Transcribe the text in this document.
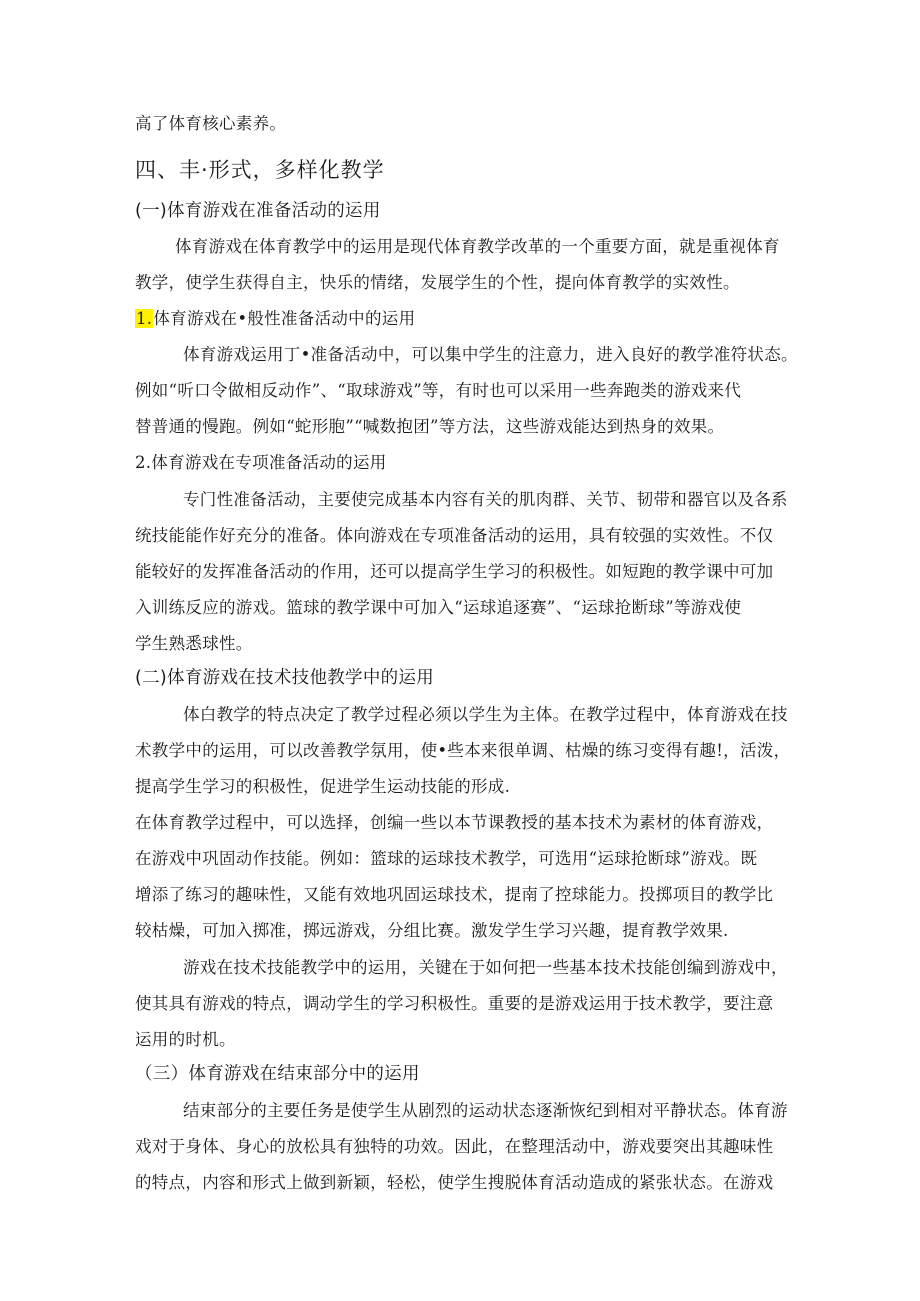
高了体育核心素养。
四、丰·形式，多样化教学
(一)体育游戏在准备活动的运用
体育游戏在体育教学中的运用是现代体育教学改革的一个重要方面，就是重视体育
教学，使学生获得自主，快乐的情绪，发展学生的个性，提向体育教学的实效性。
1.体育游戏在•般性准备活动中的运用
体育游戏运用丁•准备活动中，可以集中学生的注意力，进入良好的教学准符状态。
例如“听口令做相反动作”、“取球游戏”等，有时也可以采用一些奔跑类的游戏来代
替普通的慢跑。例如“蛇形胞”“喊数抱团”等方法，这些游戏能达到热身的效果。
2.体育游戏在专项准备活动的运用
专门性准备活动，主要使完成基本内容有关的肌肉群、关节、韧带和器官以及各系
统技能能作好充分的准备。体向游戏在专项准备活动的运用，具有较强的实效性。不仅
能较好的发挥准备活动的作用，还可以提高学生学习的积极性。如短跑的教学课中可加
入训练反应的游戏。篮球的教学课中可加入“运球追逐赛”、“运球抢断球”等游戏使
学生熟悉球性。
(二)体育游戏在技术技他教学中的运用
体白教学的特点决定了教学过程必须以学生为主体。在教学过程中，体育游戏在技
术教学中的运用，可以改善教学氛用，使•些本来很单调、枯燥的练习变得有趣!，活泼，
提高学生学习的积极性，促进学生运动技能的形成.
在体育教学过程中，可以选择，创编一些以本节课教授的基本技术为素材的体育游戏，
在游戏中巩固动作技能。例如：篮球的运球技术教学，可选用“运球抢断球”游戏。既
增添了练习的趣味性，又能有效地巩固运球技术，提南了控球能力。投掷项目的教学比
较枯燥，可加入掷准，掷远游戏，分组比赛。激发学生学习兴趣，提育教学效果.
游戏在技术技能教学中的运用，关键在于如何把一些基本技术技能创编到游戏中，
使其具有游戏的特点，调动学生的学习积极性。重要的是游戏运用于技术教学，要注意
运用的时机。
（三）体育游戏在结束部分中的运用
结束部分的主要任务是使学生从剧烈的运动状态逐渐恢纪到相对平静状态。体育游
戏对于身体、身心的放松具有独特的功效。因此，在整理活动中，游戏要突出其趣味性
的特点，内容和形式上做到新颖，轻松，使学生搜脱体育活动造成的紧张状态。在游戏
